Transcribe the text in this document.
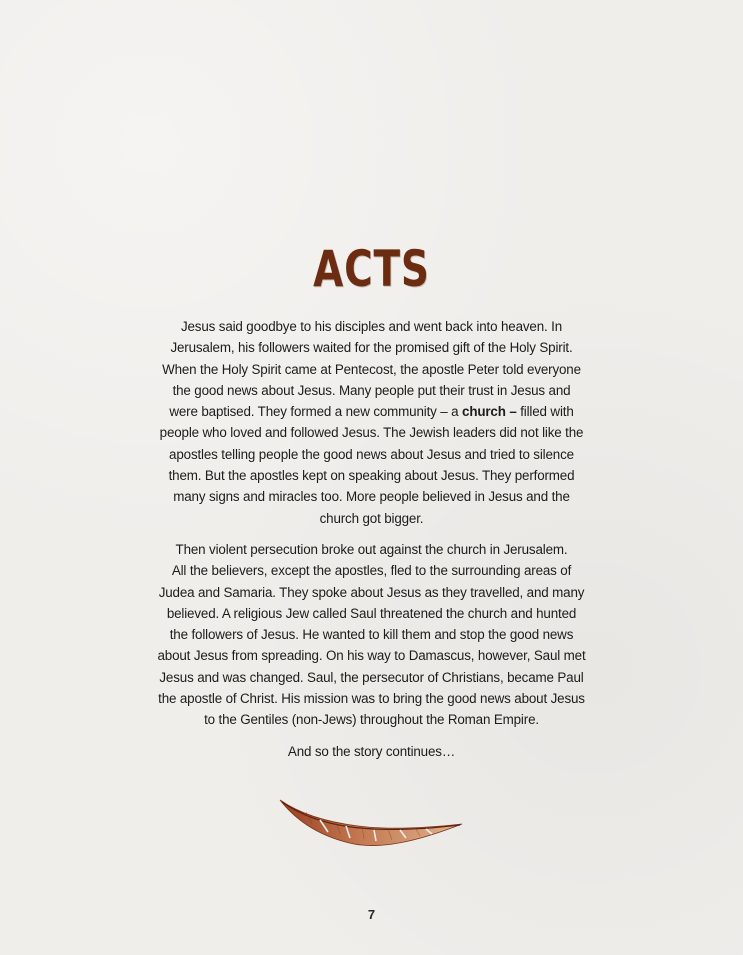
ACTS
Jesus said goodbye to his disciples and went back into heaven. In
Jerusalem, his followers waited for the promised gift of the Holy Spirit.
When the Holy Spirit came at Pentecost, the apostle Peter told everyone
the good news about Jesus. Many people put their trust in Jesus and
were baptised. They formed a new community – a church – filled with
people who loved and followed Jesus. The Jewish leaders did not like the
apostles telling people the good news about Jesus and tried to silence
them. But the apostles kept on speaking about Jesus. They performed
many signs and miracles too. More people believed in Jesus and the
church got bigger.
Then violent persecution broke out against the church in Jerusalem.
All the believers, except the apostles, fled to the surrounding areas of
Judea and Samaria. They spoke about Jesus as they travelled, and many
believed. A religious Jew called Saul threatened the church and hunted
the followers of Jesus. He wanted to kill them and stop the good news
about Jesus from spreading. On his way to Damascus, however, Saul met
Jesus and was changed. Saul, the persecutor of Christians, became Paul
the apostle of Christ. His mission was to bring the good news about Jesus
to the Gentiles (non-Jews) throughout the Roman Empire.
And so the story continues…
7
